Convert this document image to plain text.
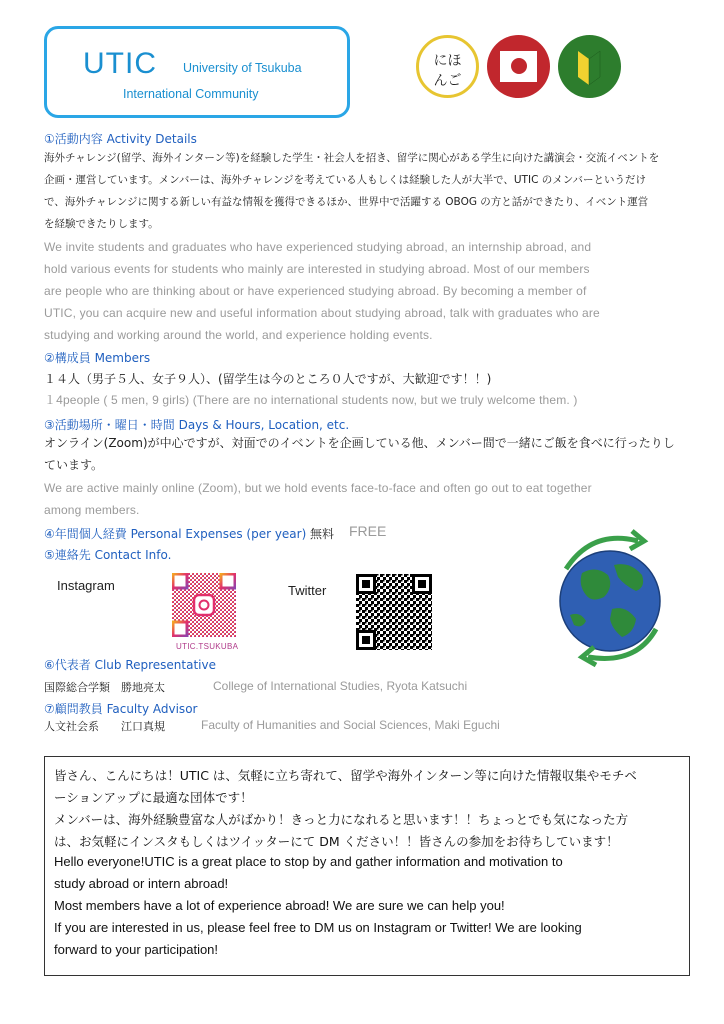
UTIC University of Tsukuba
International Community
にほ
んご
①活動内容 Activity Details
海外チャレンジ(留学、海外インターン等)を経験した学生・社会人を招き、留学に関心がある学生に向けた講演会・交流イベントを
企画・運営しています。メンバーは、海外チャレンジを考えている人もしくは経験した人が大半で、UTIC のメンバーというだけ
で、海外チャレンジに関する新しい有益な情報を獲得できるほか、世界中で活躍する OBOG の方と話ができたり、イベント運営
を経験できたりします。
We invite students and graduates who have experienced studying abroad, an internship abroad, and
hold various events for students who mainly are interested in studying abroad. Most of our members
are people who are thinking about or have experienced studying abroad. By becoming a member of
UTIC, you can acquire new and useful information about studying abroad, talk with graduates who are
studying and working around the world, and experience holding events.
②構成員 Members
１４人（男子５人、女子９人）、(留学生は今のところ０人ですが、大歓迎です！！)
１4people ( 5 men, 9 girls) (There are no international students now, but we truly welcome them. )
③活動場所・曜日・時間 Days & Hours, Location, etc.
オンライン(Zoom)が中心ですが、対面でのイベントを企画している他、メンバー間で一緒にご飯を食べに行ったりし
ています。
We are active mainly online (Zoom), but we hold events face-to-face and often go out to eat together
among members.
④年間個人経費 Personal Expenses (per year) 無料 FREE
⑤連絡先 Contact Info.
Instagram
UTIC.TSUKUBA
Twitter
⑥代表者 Club Representative
国際総合学類　勝地亮太	College of International Studies, Ryota Katsuchi
⑦顧問教員 Faculty Advisor
人文社会系　　江口真規	Faculty of Humanities and Social Sciences, Maki Eguchi
皆さん、こんにちは！UTIC は、気軽に立ち寄れて、留学や海外インターン等に向けた情報収集やモチベ
ーションアップに最適な団体です！
メンバーは、海外経験豊富な人がばかり！きっと力になれると思います！！ちょっとでも気になった方
は、お気軽にインスタもしくはツイッターにて DM ください！！皆さんの参加をお待ちしています！
Hello everyone!UTIC is a great place to stop by and gather information and motivation to
study abroad or intern abroad!
Most members have a lot of experience abroad! We are sure we can help you!
If you are interested in us, please feel free to DM us on Instagram or Twitter! We are looking
forward to your participation!
